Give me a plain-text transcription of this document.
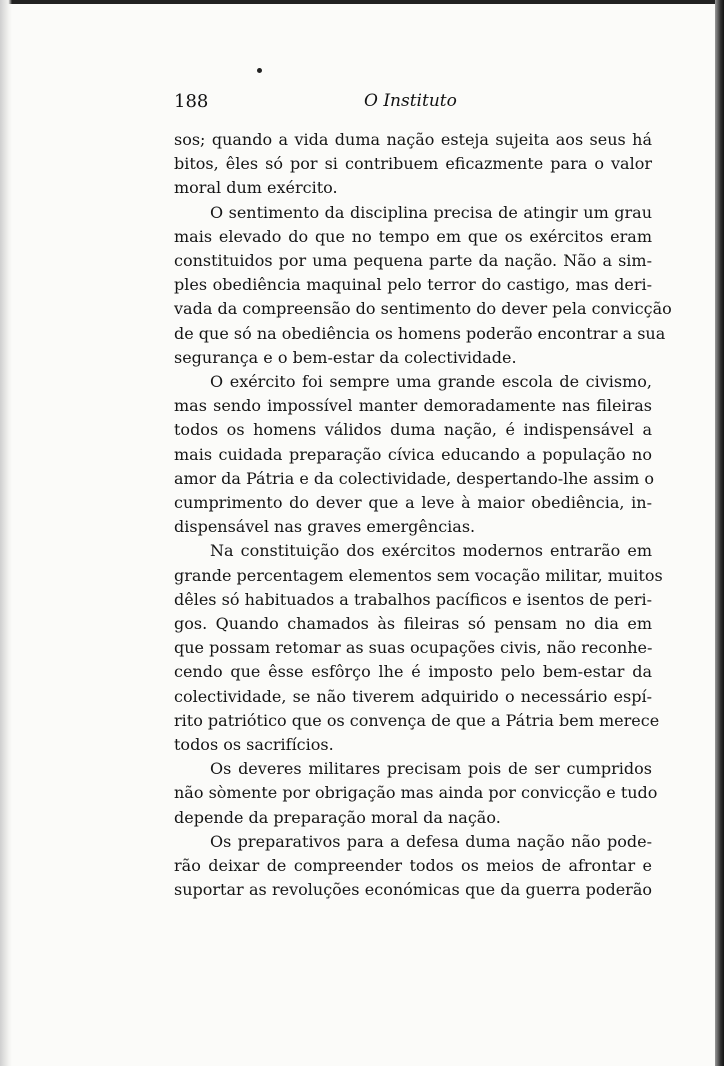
188	O Instituto
sos; quando a vida duma nação esteja sujeita aos seus há
bitos, êles só por si contribuem eficazmente para o valor
moral dum exército.
O sentimento da disciplina precisa de atingir um grau
mais elevado do que no tempo em que os exércitos eram
constituidos por uma pequena parte da nação. Não a sim-
ples obediência maquinal pelo terror do castigo, mas deri-
vada da compreensão do sentimento do dever pela convicção
de que só na obediência os homens poderão encontrar a sua
segurança e o bem-estar da colectividade.
O exército foi sempre uma grande escola de civismo,
mas sendo impossível manter demoradamente nas fileiras
todos os homens válidos duma nação, é indispensável a
mais cuidada preparação cívica educando a população no
amor da Pátria e da colectividade, despertando-lhe assim o
cumprimento do dever que a leve à maior obediência, in-
dispensável nas graves emergências.
Na constituição dos exércitos modernos entrarão em
grande percentagem elementos sem vocação militar, muitos
dêles só habituados a trabalhos pacíficos e isentos de peri-
gos. Quando chamados às fileiras só pensam no dia em
que possam retomar as suas ocupações civis, não reconhe-
cendo que êsse esfôrço lhe é imposto pelo bem-estar da
colectividade, se não tiverem adquirido o necessário espí-
rito patriótico que os convença de que a Pátria bem merece
todos os sacrifícios.
Os deveres militares precisam pois de ser cumpridos
não sòmente por obrigação mas ainda por convicção e tudo
depende da preparação moral da nação.
Os preparativos para a defesa duma nação não pode-
rão deixar de compreender todos os meios de afrontar e
suportar as revoluções económicas que da guerra poderão
